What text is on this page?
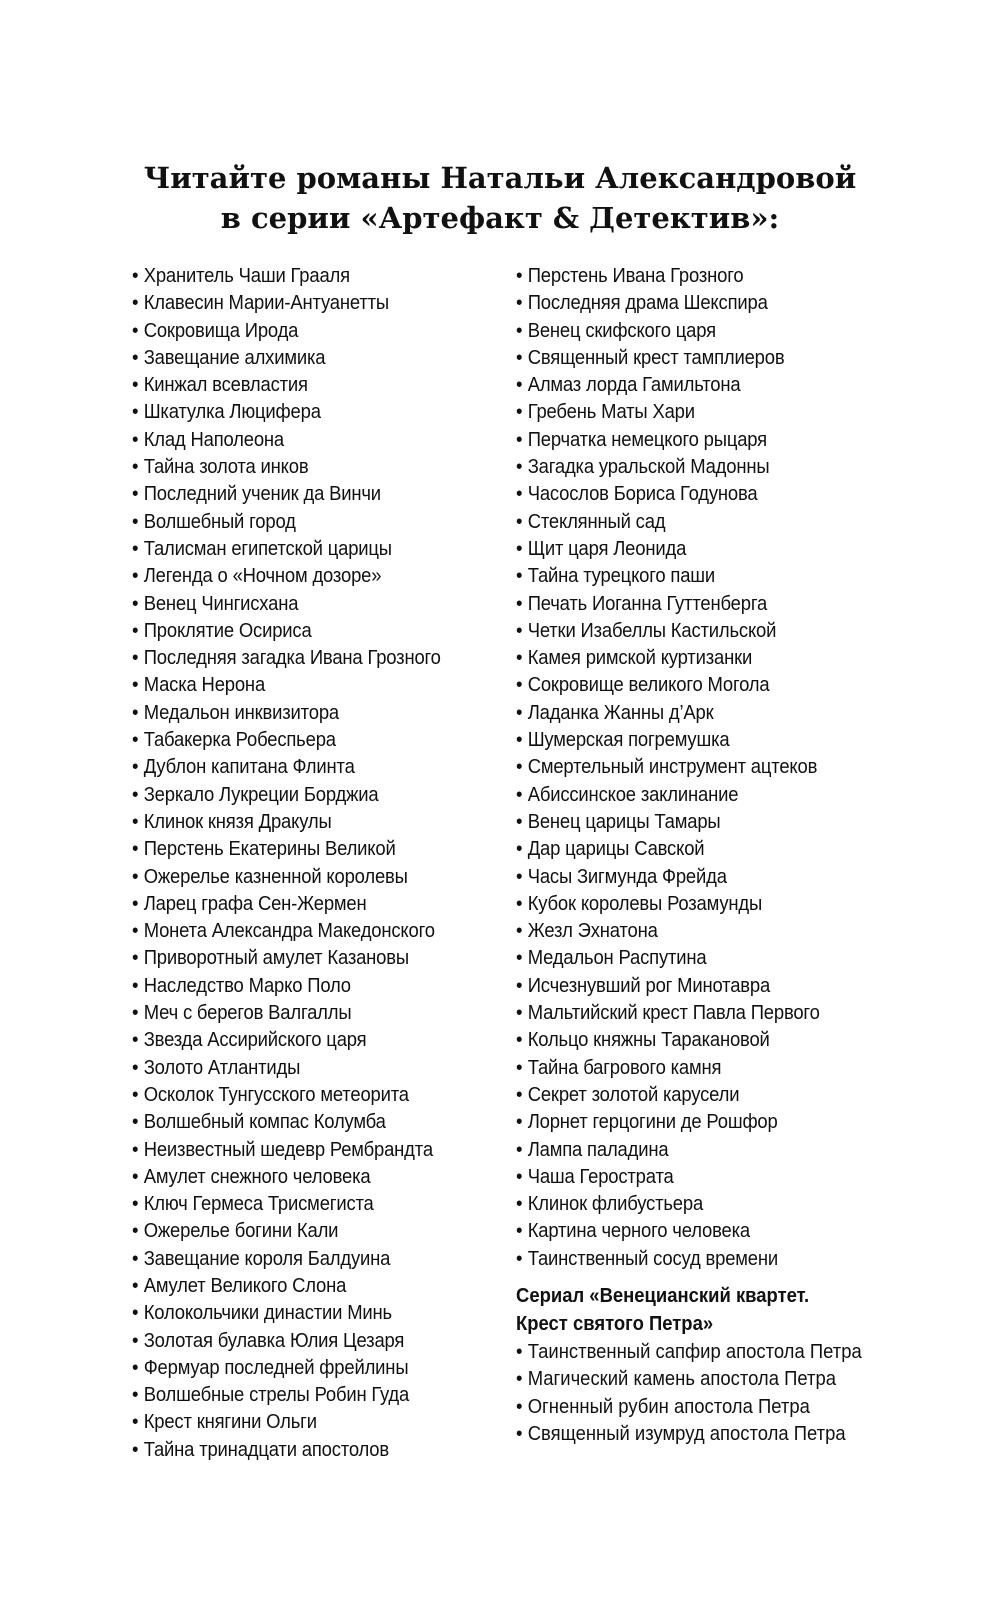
Читайте романы Натальи Александровой
в серии «Артефакт & Детектив»:
• Хранитель Чаши Грааля
• Клавесин Марии-Антуанетты
• Сокровища Ирода
• Завещание алхимика
• Кинжал всевластия
• Шкатулка Люцифера
• Клад Наполеона
• Тайна золота инков
• Последний ученик да Винчи
• Волшебный город
• Талисман египетской царицы
• Легенда о «Ночном дозоре»
• Венец Чингисхана
• Проклятие Осириса
• Последняя загадка Ивана Грозного
• Маска Нерона
• Медальон инквизитора
• Табакерка Робеспьера
• Дублон капитана Флинта
• Зеркало Лукреции Борджиа
• Клинок князя Дракулы
• Перстень Екатерины Великой
• Ожерелье казненной королевы
• Ларец графа Сен-Жермен
• Монета Александра Македонского
• Приворотный амулет Казановы
• Наследство Марко Поло
• Меч с берегов Валгаллы
• Звезда Ассирийского царя
• Золото Атлантиды
• Осколок Тунгусского метеорита
• Волшебный компас Колумба
• Неизвестный шедевр Рембрандта
• Амулет снежного человека
• Ключ Гермеса Трисмегиста
• Ожерелье богини Кали
• Завещание короля Балдуина
• Амулет Великого Слона
• Колокольчики династии Минь
• Золотая булавка Юлия Цезаря
• Фермуар последней фрейлины
• Волшебные стрелы Робин Гуда
• Крест княгини Ольги
• Тайна тринадцати апостолов
• Перстень Ивана Грозного
• Последняя драма Шекспира
• Венец скифского царя
• Священный крест тамплиеров
• Алмаз лорда Гамильтона
• Гребень Маты Хари
• Перчатка немецкого рыцаря
• Загадка уральской Мадонны
• Часослов Бориса Годунова
• Стеклянный сад
• Щит царя Леонида
• Тайна турецкого паши
• Печать Иоганна Гуттенберга
• Четки Изабеллы Кастильской
• Камея римской куртизанки
• Сокровище великого Могола
• Ладанка Жанны д’Арк
• Шумерская погремушка
• Смертельный инструмент ацтеков
• Абиссинское заклинание
• Венец царицы Тамары
• Дар царицы Савской
• Часы Зигмунда Фрейда
• Кубок королевы Розамунды
• Жезл Эхнатона
• Медальон Распутина
• Исчезнувший рог Минотавра
• Мальтийский крест Павла Первого
• Кольцо княжны Таракановой
• Тайна багрового камня
• Секрет золотой карусели
• Лорнет герцогини де Рошфор
• Лампа паладина
• Чаша Герострата
• Клинок флибустьера
• Картина черного человека
• Таинственный сосуд времени
Сериал «Венецианский квартет.
Крест святого Петра»
• Таинственный сапфир апостола Петра
• Магический камень апостола Петра
• Огненный рубин апостола Петра
• Священный изумруд апостола Петра
